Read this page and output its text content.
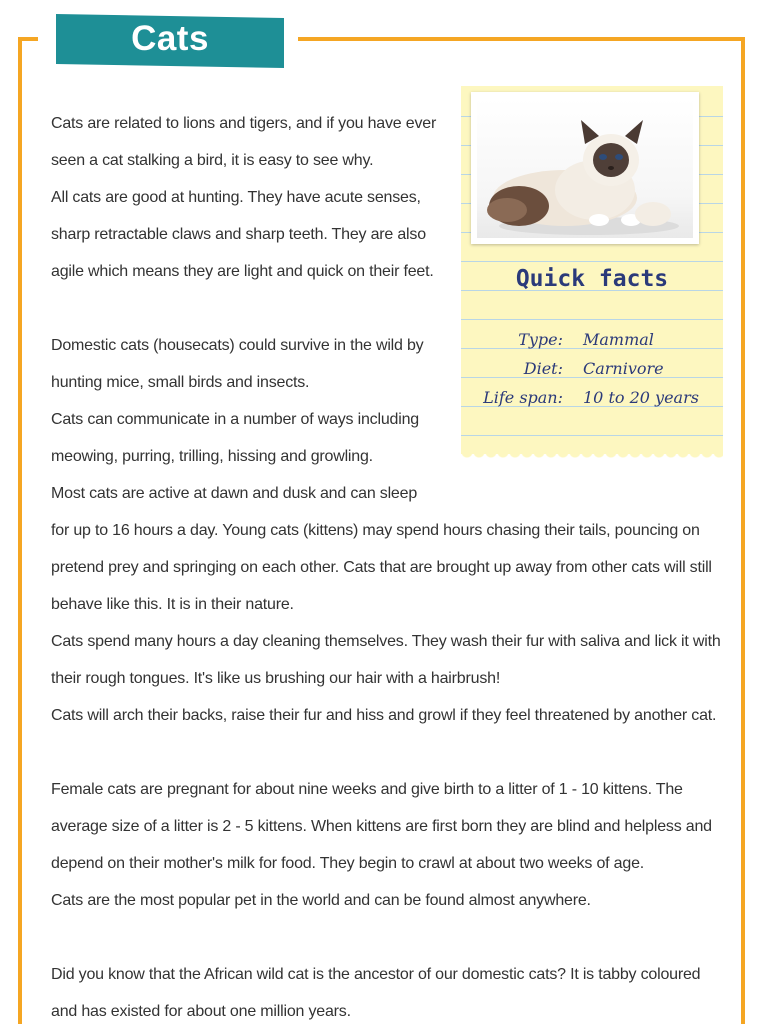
Cats
Quick facts
Type: Mammal
Diet: Carnivore
Life span: 10 to 20 years

Cats are related to lions and tigers, and if you have ever seen a cat stalking a bird, it is easy to see why.

All cats are good at hunting. They have acute senses, sharp retractable claws and sharp teeth. They are also agile which means they are light and quick on their feet.

Domestic cats (housecats) could survive in the wild by hunting mice, small birds and insects.

Cats can communicate in a number of ways including meowing, purring, trilling, hissing and growling.

Most cats are active at dawn and dusk and can sleep

for up to 16 hours a day. Young cats (kittens) may spend hours chasing their tails, pouncing on pretend prey and springing on each other. Cats that are brought up away from other cats will still behave like this. It is in their nature.

Cats spend many hours a day cleaning themselves. They wash their fur with saliva and lick it with their rough tongues. It's like us brushing our hair with a hairbrush!

Cats will arch their backs, raise their fur and hiss and growl if they feel threatened by another cat.

Female cats are pregnant for about nine weeks and give birth to a litter of 1 - 10 kittens. The average size of a litter is 2 - 5 kittens. When kittens are first born they are blind and helpless and depend on their mother's milk for food. They begin to crawl at about two weeks of age.

Cats are the most popular pet in the world and can be found almost anywhere.

Did you know that the African wild cat is the ancestor of our domestic cats? It is tabby coloured and has existed for about one million years.
